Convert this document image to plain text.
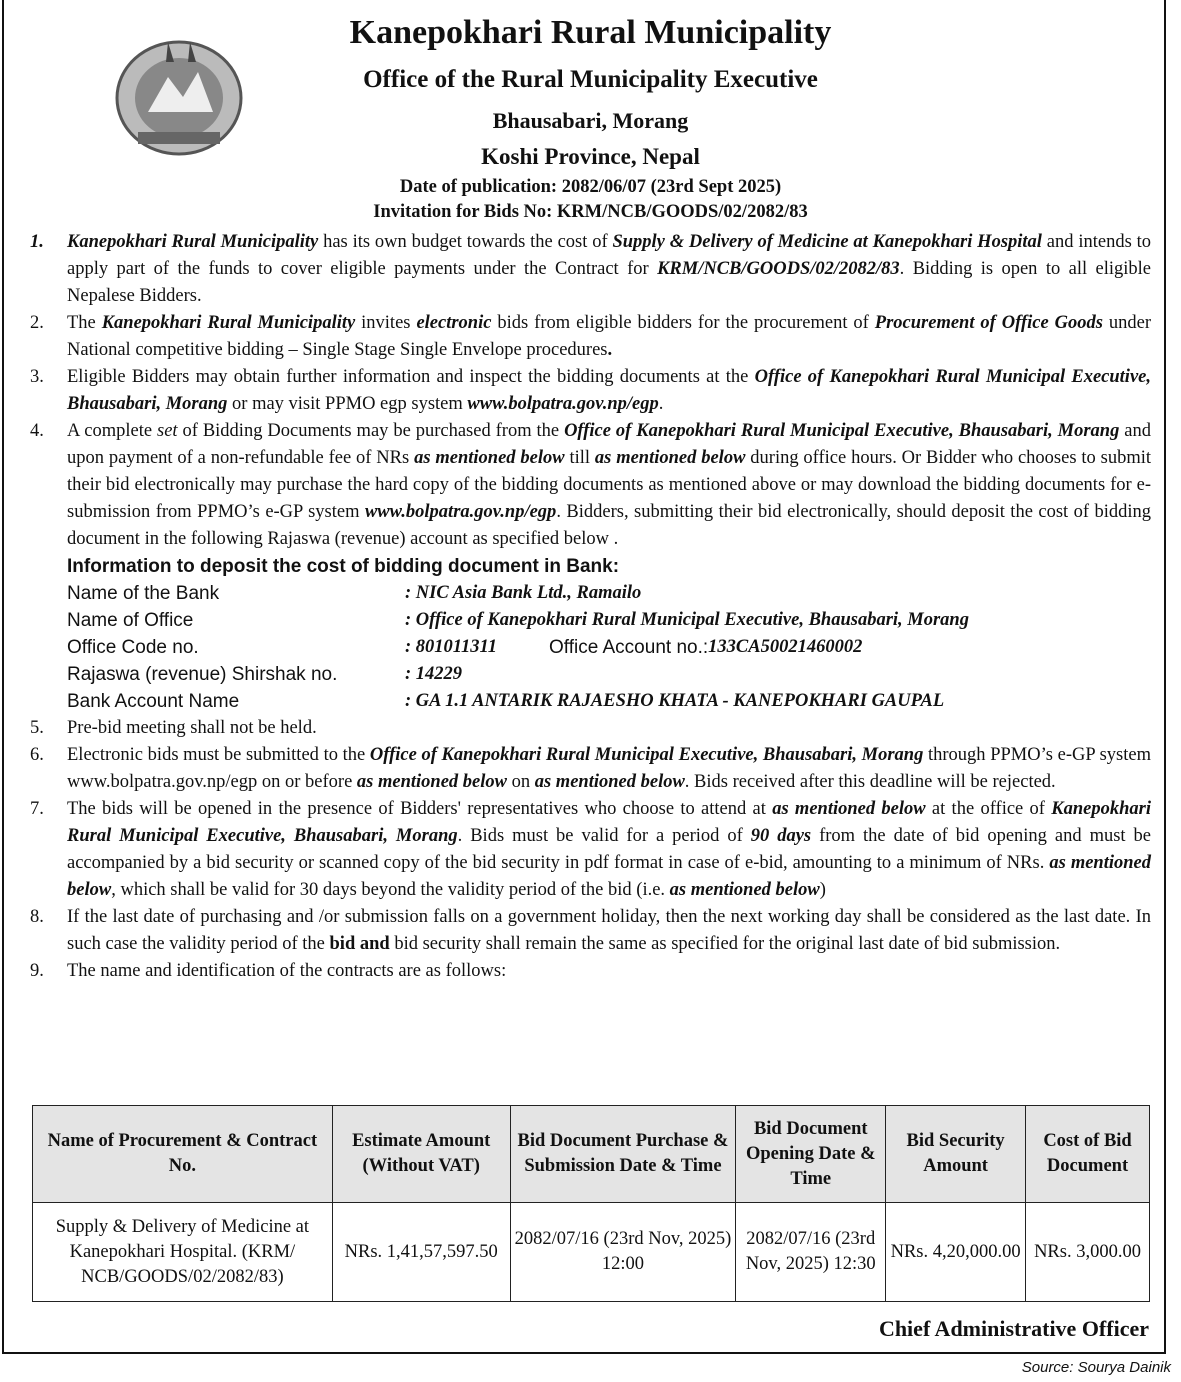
Kanepokhari Rural Municipality
Office of the Rural Municipality Executive
Bhausabari, Morang
Koshi Province, Nepal
Date of publication: 2082/06/07 (23rd Sept 2025)
Invitation for Bids No: KRM/NCB/GOODS/02/2082/83
1.	Kanepokhari Rural Municipality has its own budget towards the cost of Supply & Delivery of Medicine at Kanepokhari Hospital and intends to apply part of the funds to cover eligible payments under the Contract for KRM/NCB/GOODS/02/2082/83. Bidding is open to all eligible Nepalese Bidders.
2.	The Kanepokhari Rural Municipality invites electronic bids from eligible bidders for the procurement of Procurement of Office Goods under National competitive bidding – Single Stage Single Envelope procedures.
3.	Eligible Bidders may obtain further information and inspect the bidding documents at the Office of Kanepokhari Rural Municipal Executive, Bhausabari, Morang or may visit PPMO egp system www.bolpatra.gov.np/egp.
4.	A complete set of Bidding Documents may be purchased from the Office of Kanepokhari Rural Municipal Executive, Bhausabari, Morang and upon payment of a non-refundable fee of NRs as mentioned below till as mentioned below during office hours. Or Bidder who chooses to submit their bid electronically may purchase the hard copy of the bidding documents as mentioned above or may download the bidding documents for e-submission from PPMO’s e-GP system www.bolpatra.gov.np/egp. Bidders, submitting their bid electronically, should deposit the cost of bidding document in the following Rajaswa (revenue) account as specified below .
Information to deposit the cost of bidding document in Bank:
Name of the Bank	: NIC Asia Bank Ltd., Ramailo
Name of Office	: Office of Kanepokhari Rural Municipal Executive, Bhausabari, Morang
Office Code no.	: 801011311	Office Account no.: 133CA50021460002
Rajaswa (revenue) Shirshak no.	: 14229
Bank Account Name	: GA 1.1 ANTARIK RAJAESHO KHATA - KANEPOKHARI GAUPAL
5.	Pre-bid meeting shall not be held.
6.	Electronic bids must be submitted to the Office of Kanepokhari Rural Municipal Executive, Bhausabari, Morang through PPMO’s e-GP system www.bolpatra.gov.np/egp on or before as mentioned below on as mentioned below. Bids received after this deadline will be rejected.
7.	The bids will be opened in the presence of Bidders' representatives who choose to attend at as mentioned below at the office of Kanepokhari Rural Municipal Executive, Bhausabari, Morang. Bids must be valid for a period of 90 days from the date of bid opening and must be accompanied by a bid security or scanned copy of the bid security in pdf format in case of e-bid, amounting to a minimum of NRs. as mentioned below, which shall be valid for 30 days beyond the validity period of the bid (i.e. as mentioned below)
8.	If the last date of purchasing and /or submission falls on a government holiday, then the next working day shall be considered as the last date. In such case the validity period of the bid and bid security shall remain the same as specified for the original last date of bid submission.
9.	The name and identification of the contracts are as follows:
Name of Procurement & Contract No.	Estimate Amount (Without VAT)	Bid Document Purchase & Submission Date & Time	Bid Document Opening Date & Time	Bid Security Amount	Cost of Bid Document
Supply & Delivery of Medicine at Kanepokhari Hospital. (KRM/ NCB/GOODS/02/2082/83)	NRs. 1,41,57,597.50	2082/07/16 (23rd Nov, 2025) 12:00	2082/07/16 (23rd Nov, 2025) 12:30	NRs. 4,20,000.00	NRs. 3,000.00
Chief Administrative Officer
Source: Sourya Dainik
